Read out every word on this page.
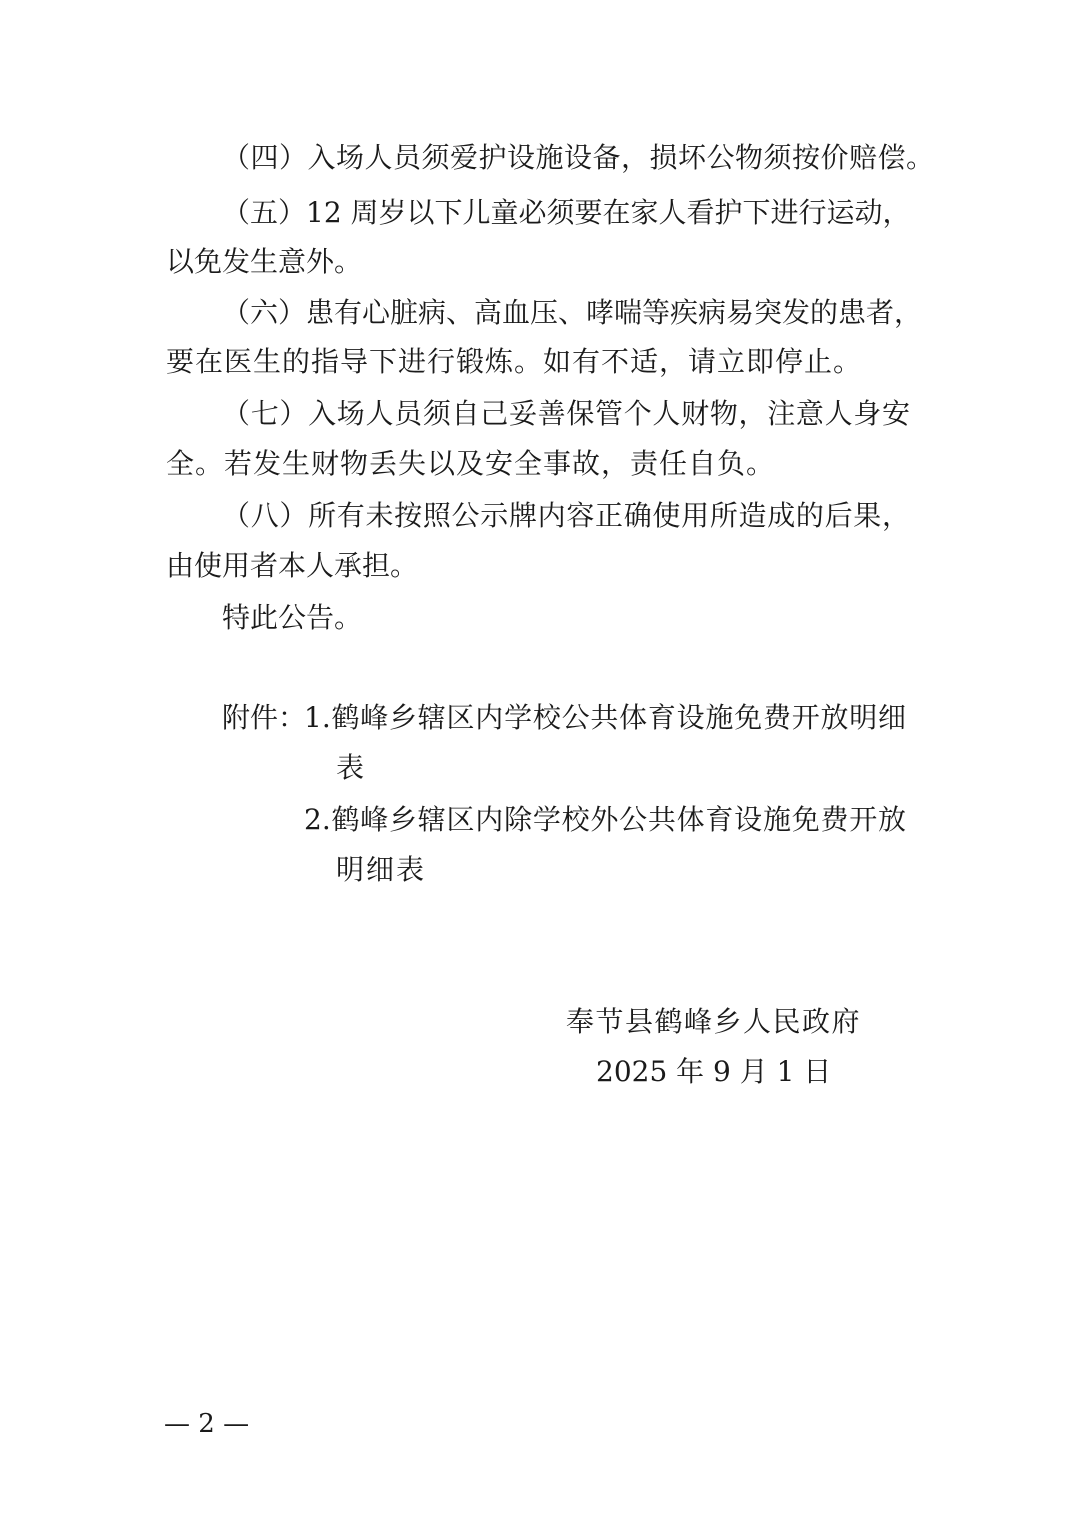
（四）入场人员须爱护设施设备，损坏公物须按价赔偿。

（五）12 周岁以下儿童必须要在家人看护下进行运动，

以免发生意外。

（六）患有心脏病、高血压、哮喘等疾病易突发的患者，

要在医生的指导下进行锻炼。如有不适，请立即停止。

（七）入场人员须自己妥善保管个人财物，注意人身安

全。若发生财物丢失以及安全事故，责任自负。

（八）所有未按照公示牌内容正确使用所造成的后果，

由使用者本人承担。

特此公告。

附件：

1.鹤峰乡辖区内学校公共体育设施免费开放明细

表

2.鹤峰乡辖区内除学校外公共体育设施免费开放

明细表

奉节县鹤峰乡人民政府

2025 年 9 月 1 日

— 2 —
